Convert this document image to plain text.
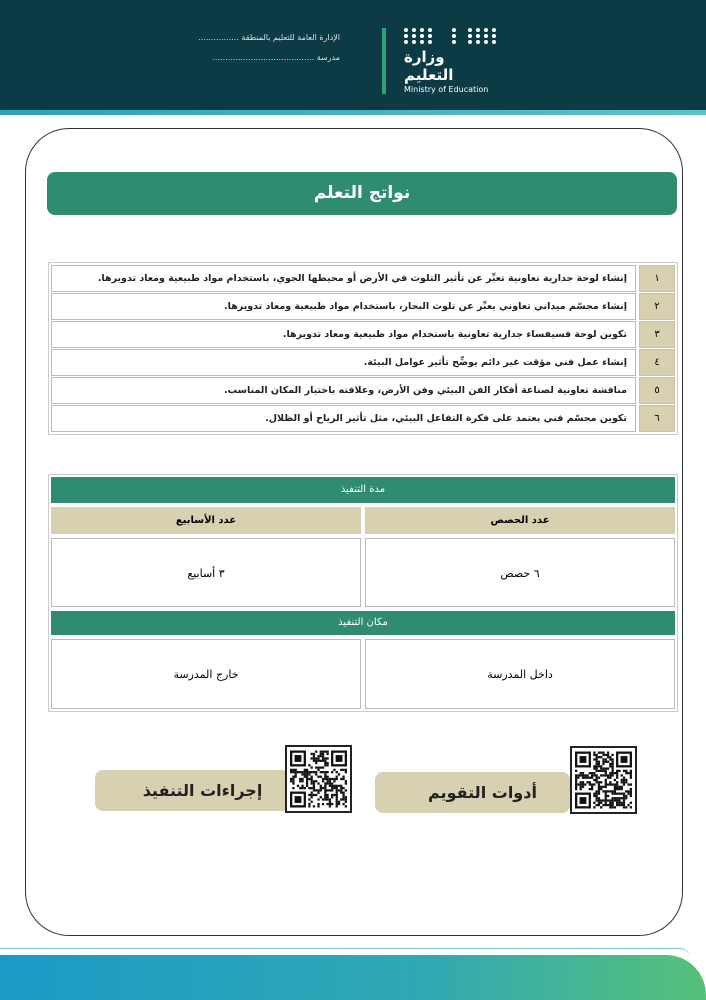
وزارة التعليم
Ministry of Education
الإدارة العامة للتعليم بالمنطقة ................
مدرسة ........................................
نواتج التعلم
١
إنشاء لوحة جدارية تعاونية تعبِّر عن تأثير التلوث في الأرض أو محيطها الجوي، باستخدام مواد طبيعية ومعاد تدويرها.
٢
إنشاء مجسّم ميداني تعاوني يعبِّر عن تلوث البحار، باستخدام مواد طبيعية ومعاد تدويرها.
٣
تكوين لوحة فسيفساء جدارية تعاونية باستخدام مواد طبيعية ومعاد تدويرها.
٤
إنشاء عمل فني مؤقت غير دائم يوضِّح تأثير عوامل البيئة.
٥
مناقشة تعاونية لصناعة أفكار الفن البيئي وفن الأرض، وعلاقته باختيار المكان المناسب.
٦
تكوين مجسّم فني يعتمد على فكرة التفاعل البيئي، مثل تأثير الرياح أو الظلال.
مدة التنفيذ
عدد الحصص
عدد الأسابيع
٦ حصص
٣ أسابيع
مكان التنفيذ
داخل المدرسة
خارج المدرسة
أدوات التقويم
إجراءات التنفيذ
